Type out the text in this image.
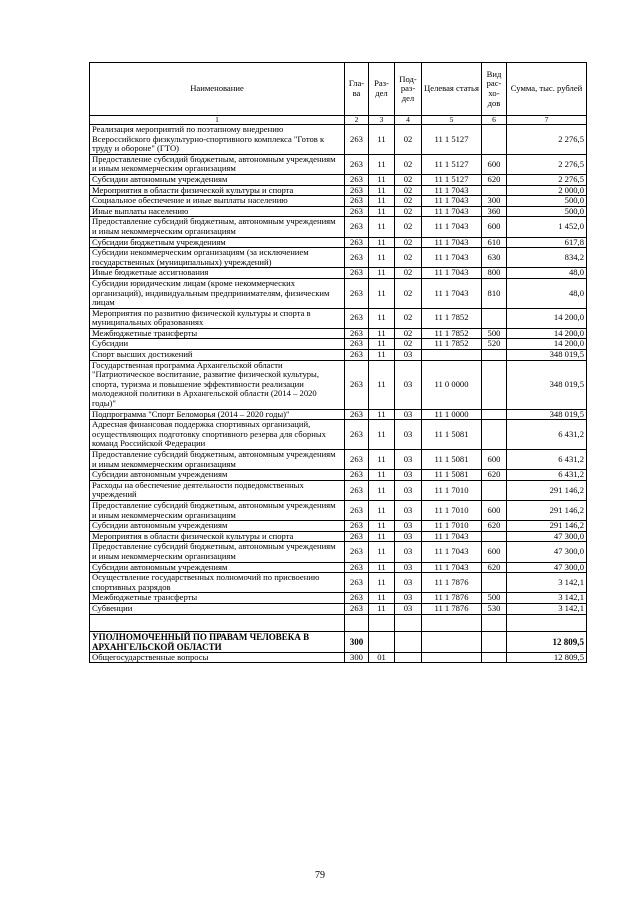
Наименование	Гла-ва	Раз-дел	Под-раз-дел	Целевая статья	Вид рас-хо-дов	Сумма, тыс. рублей
1	2	3	4	5	6	7
Реализация мероприятий по поэтапному внедрению Всероссийского физкультурно-спортивного комплекса "Готов к труду и обороне" (ГТО)	263	11	02	11 1 5127		2 276,5
Предоставление субсидий бюджетным, автономным учреждениям и иным некоммерческим организациям	263	11	02	11 1 5127	600	2 276,5
Субсидии автономным учреждениям	263	11	02	11 1 5127	620	2 276,5
Мероприятия в области физической культуры и спорта	263	11	02	11 1 7043		2 000,0
Социальное обеспечение и иные выплаты населению	263	11	02	11 1 7043	300	500,0
Иные выплаты населению	263	11	02	11 1 7043	360	500,0
Предоставление субсидий бюджетным, автономным учреждениям и иным некоммерческим организациям	263	11	02	11 1 7043	600	1 452,0
Субсидии бюджетным учреждениям	263	11	02	11 1 7043	610	617,8
Субсидии некоммерческим организациям (за исключением государственных (муниципальных) учреждений)	263	11	02	11 1 7043	630	834,2
Иные бюджетные ассигнования	263	11	02	11 1 7043	800	48,0
Субсидии юридическим лицам (кроме некоммерческих организаций), индивидуальным предпринимателям, физическим лицам	263	11	02	11 1 7043	810	48,0
Мероприятия по развитию физической культуры и спорта в муниципальных образованиях	263	11	02	11 1 7852		14 200,0
Межбюджетные трансферты	263	11	02	11 1 7852	500	14 200,0
Субсидии	263	11	02	11 1 7852	520	14 200,0
Спорт высших достижений	263	11	03			348 019,5
Государственная программа Архангельской области "Патриотическое воспитание, развитие физической культуры, спорта, туризма и повышение эффективности реализации молодежной политики в Архангельской области (2014 – 2020 годы)"	263	11	03	11 0 0000		348 019,5
Подпрограмма "Спорт Беломорья (2014 – 2020 годы)"	263	11	03	11 1 0000		348 019,5
Адресная финансовая поддержка спортивных организаций, осуществляющих подготовку спортивного резерва для сборных команд Российской Федерации	263	11	03	11 1 5081		6 431,2
Предоставление субсидий бюджетным, автономным учреждениям и иным некоммерческим организациям	263	11	03	11 1 5081	600	6 431,2
Субсидии автономным учреждениям	263	11	03	11 1 5081	620	6 431,2
Расходы на обеспечение деятельности подведомственных учреждений	263	11	03	11 1 7010		291 146,2
Предоставление субсидий бюджетным, автономным учреждениям и иным некоммерческим организациям	263	11	03	11 1 7010	600	291 146,2
Субсидии автономным учреждениям	263	11	03	11 1 7010	620	291 146,2
Мероприятия в области физической культуры и спорта	263	11	03	11 1 7043		47 300,0
Предоставление субсидий бюджетным, автономным учреждениям и иным некоммерческим организациям	263	11	03	11 1 7043	600	47 300,0
Субсидии автономным учреждениям	263	11	03	11 1 7043	620	47 300,0
Осуществление государственных полномочий по присвоению спортивных разрядов	263	11	03	11 1 7876		3 142,1
Межбюджетные трансферты	263	11	03	11 1 7876	500	3 142,1
Субвенции	263	11	03	11 1 7876	530	3 142,1

УПОЛНОМОЧЕННЫЙ ПО ПРАВАМ ЧЕЛОВЕКА В АРХАНГЕЛЬСКОЙ ОБЛАСТИ	300					12 809,5
Общегосударственные вопросы	300	01				12 809,5
79
